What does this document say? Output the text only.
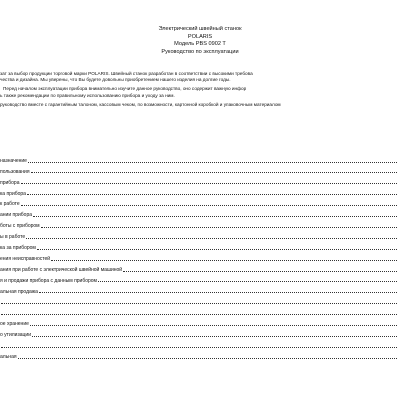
Электрический швейный станок
POLARIS
Модель PBS 0902 T
Руководство по эксплуатации

зат за выбор продукции торговой марки POLARIS. Швейный станок разработан в соответствии с высокими требова

чества и дизайна. Мы уверены, что Вы будете довольны приобретением нашего изделия на долгие годы.

Перед началом эксплуатации прибора внимательно изучите данное руководство, оно содержит важную инфор

ь также рекомендации по правильному использованию прибора и уходу за ним.

руководство вместе с гарантийным талоном, кассовым чеком, по возможности, картонной коробкой и упаковочным материалом

назначение
пользования
прибора
ка прибора
к работе
ании прибора
боты с прибором
ы в работе
ка за прибором
ения неисправностей
ания при работе с электрической швейной машиной
я и продажи прибора с данным прибором
альная продажа
ое хранение
о утилизации
альная
